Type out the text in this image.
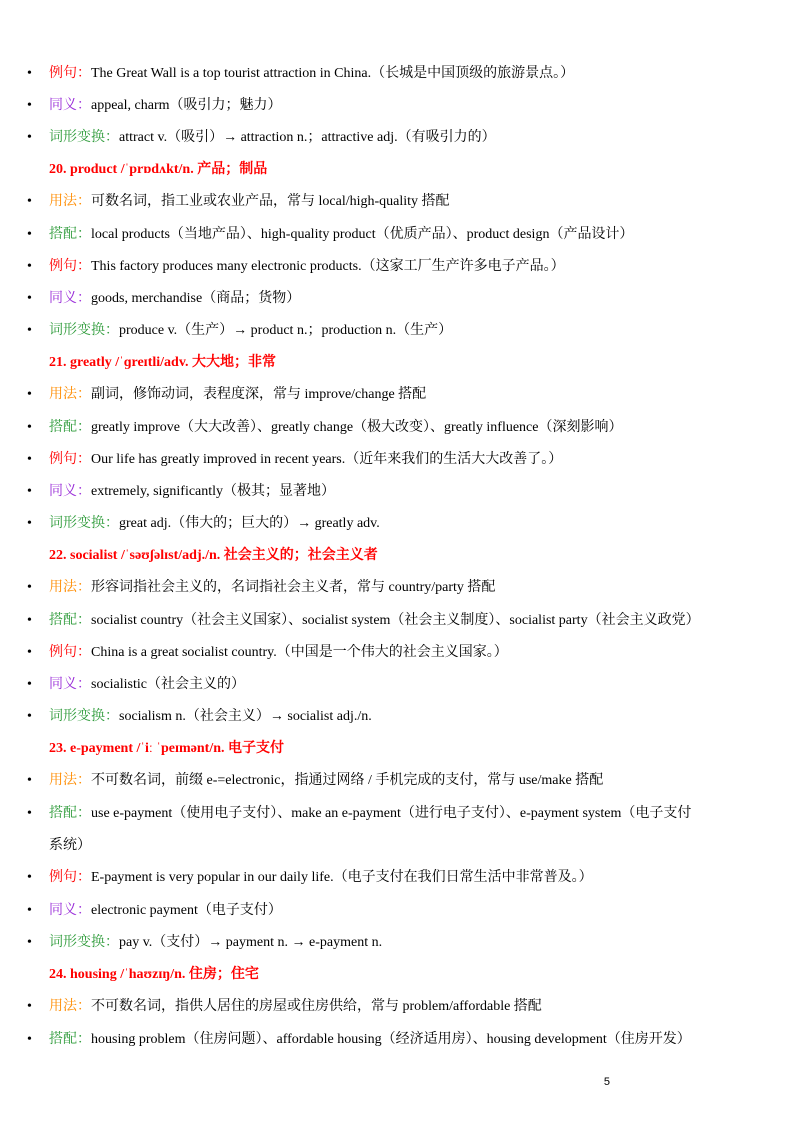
• 例句：The Great Wall is a top tourist attraction in China.（长城是中国顶级的旅游景点。）
• 同义：appeal, charm（吸引力；魅力）
• 词形变换：attract v.（吸引）→ attraction n.；attractive adj.（有吸引力的）
20. product /ˈprɒdʌkt/n. 产品；制品
• 用法：可数名词，指工业或农业产品，常与 local/high-quality 搭配
• 搭配：local products（当地产品）、high-quality product（优质产品）、product design（产品设计）
• 例句：This factory produces many electronic products.（这家工厂生产许多电子产品。）
• 同义：goods, merchandise（商品；货物）
• 词形变换：produce v.（生产）→ product n.；production n.（生产）
21. greatly /ˈɡreɪtli/adv. 大大地；非常
• 用法：副词，修饰动词，表程度深，常与 improve/change 搭配
• 搭配：greatly improve（大大改善）、greatly change（极大改变）、greatly influence（深刻影响）
• 例句：Our life has greatly improved in recent years.（近年来我们的生活大大改善了。）
• 同义：extremely, significantly（极其；显著地）
• 词形变换：great adj.（伟大的；巨大的）→ greatly adv.
22. socialist /ˈsəʊʃəlɪst/adj./n. 社会主义的；社会主义者
• 用法：形容词指社会主义的，名词指社会主义者，常与 country/party 搭配
• 搭配：socialist country（社会主义国家）、socialist system（社会主义制度）、socialist party（社会主义政党）
• 例句：China is a great socialist country.（中国是一个伟大的社会主义国家。）
• 同义：socialistic（社会主义的）
• 词形变换：socialism n.（社会主义）→ socialist adj./n.
23. e-payment /ˈiː ˈpeɪmənt/n. 电子支付
• 用法：不可数名词，前缀 e-=electronic，指通过网络 / 手机完成的支付，常与 use/make 搭配
• 搭配：use e-payment（使用电子支付）、make an e-payment（进行电子支付）、e-payment system（电子支付
系统）
• 例句：E-payment is very popular in our daily life.（电子支付在我们日常生活中非常普及。）
• 同义：electronic payment（电子支付）
• 词形变换：pay v.（支付）→ payment n. → e-payment n.
24. housing /ˈhaʊzɪŋ/n. 住房；住宅
• 用法：不可数名词，指供人居住的房屋或住房供给，常与 problem/affordable 搭配
• 搭配：housing problem（住房问题）、affordable housing（经济适用房）、housing development（住房开发）
5
